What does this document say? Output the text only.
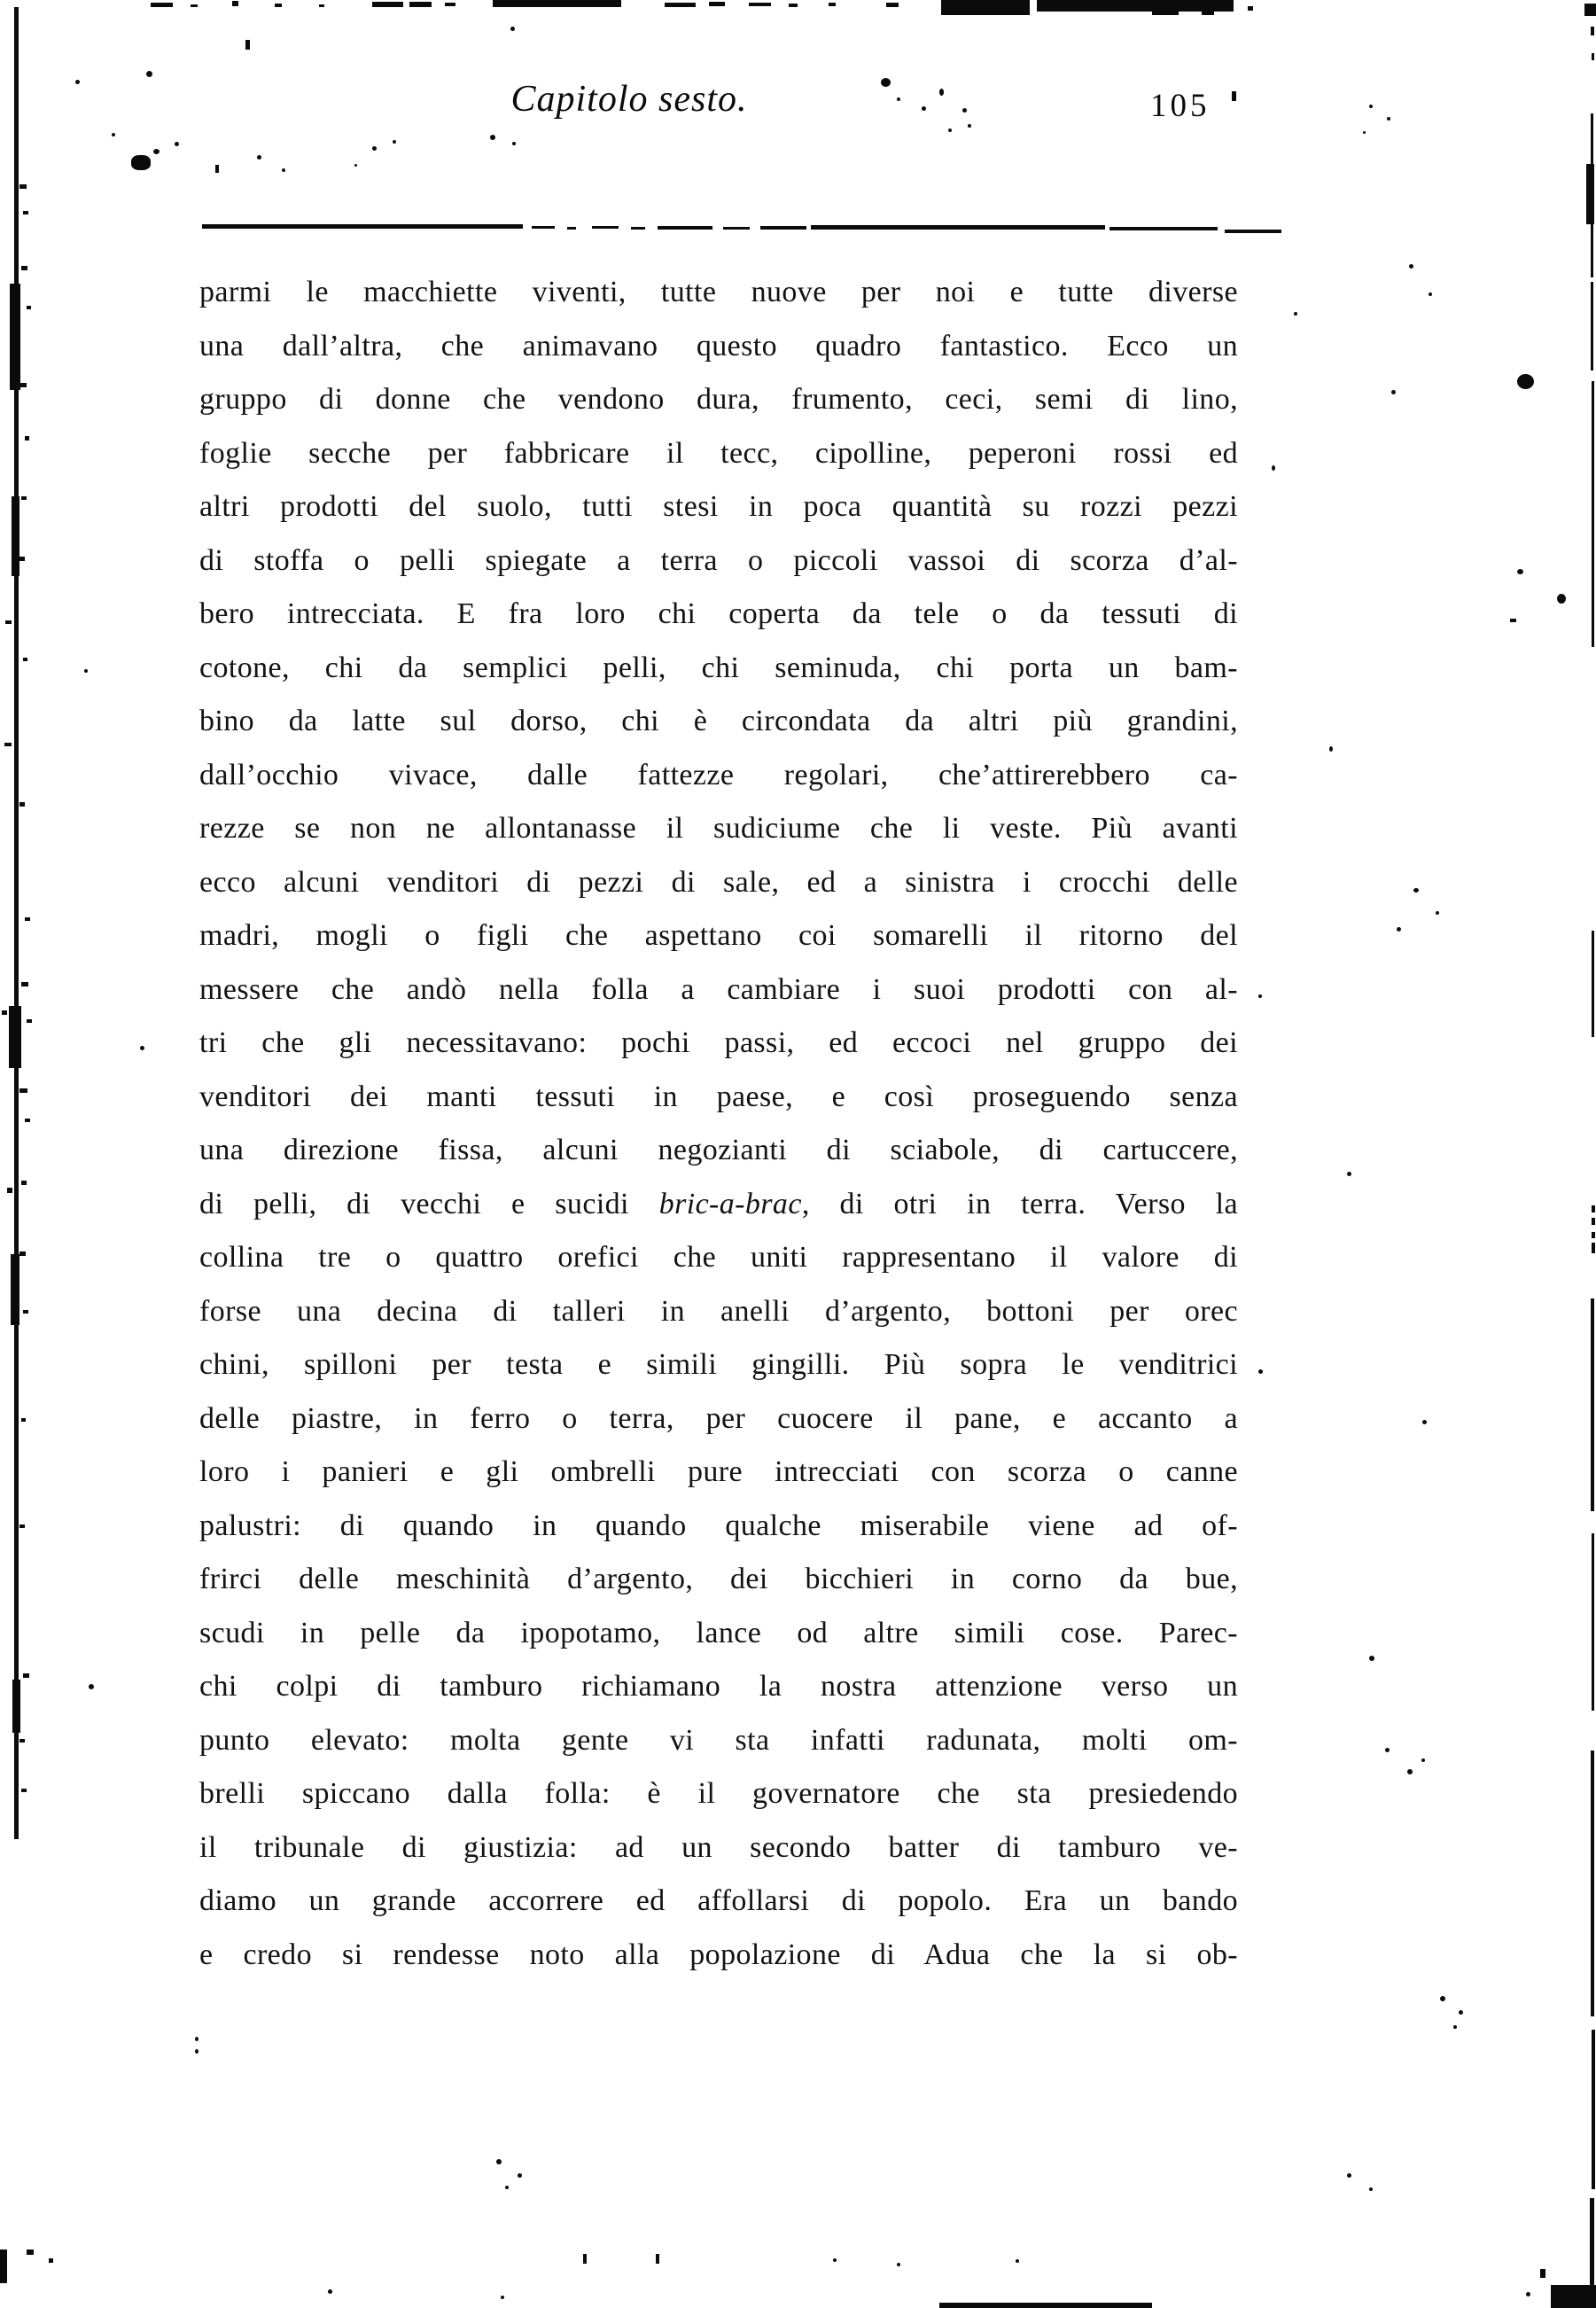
Capitolo sesto.	105
parmi le macchiette viventi, tutte nuove per noi e tutte diverse
una dall’altra, che animavano questo quadro fantastico. Ecco un
gruppo di donne che vendono dura, frumento, ceci, semi di lino,
foglie secche per fabbricare il tecc, cipolline, peperoni rossi ed
altri prodotti del suolo, tutti stesi in poca quantità su rozzi pezzi
di stoffa o pelli spiegate a terra o piccoli vassoi di scorza d’al-
bero intrecciata. E fra loro chi coperta da tele o da tessuti di
cotone, chi da semplici pelli, chi seminuda, chi porta un bam-
bino da latte sul dorso, chi è circondata da altri più grandini,
dall’occhio vivace, dalle fattezze regolari, che’attirerebbero ca-
rezze se non ne allontanasse il sudiciume che li veste. Più avanti
ecco alcuni venditori di pezzi di sale, ed a sinistra i crocchi delle
madri, mogli o figli che aspettano coi somarelli il ritorno del
messere che andò nella folla a cambiare i suoi prodotti con al-
tri che gli necessitavano: pochi passi, ed eccoci nel gruppo dei
venditori dei manti tessuti in paese, e così proseguendo senza
una direzione fissa, alcuni negozianti di sciabole, di cartuccere,
di pelli, di vecchi e sucidi bric-a-brac, di otri in terra. Verso la
collina tre o quattro orefici che uniti rappresentano il valore di
forse una decina di talleri in anelli d’argento, bottoni per orec
chini, spilloni per testa e simili gingilli. Più sopra le venditrici
delle piastre, in ferro o terra, per cuocere il pane, e accanto a
loro i panieri e gli ombrelli pure intrecciati con scorza o canne
palustri: di quando in quando qualche miserabile viene ad of-
frirci delle meschinità d’argento, dei bicchieri in corno da bue,
scudi in pelle da ipopotamo, lance od altre simili cose. Parec-
chi colpi di tamburo richiamano la nostra attenzione verso un
punto elevato: molta gente vi sta infatti radunata, molti om-
brelli spiccano dalla folla: è il governatore che sta presiedendo
il tribunale di giustizia: ad un secondo batter di tamburo ve-
diamo un grande accorrere ed affollarsi di popolo. Era un bando
e credo si rendesse noto alla popolazione di Adua che la si ob-
